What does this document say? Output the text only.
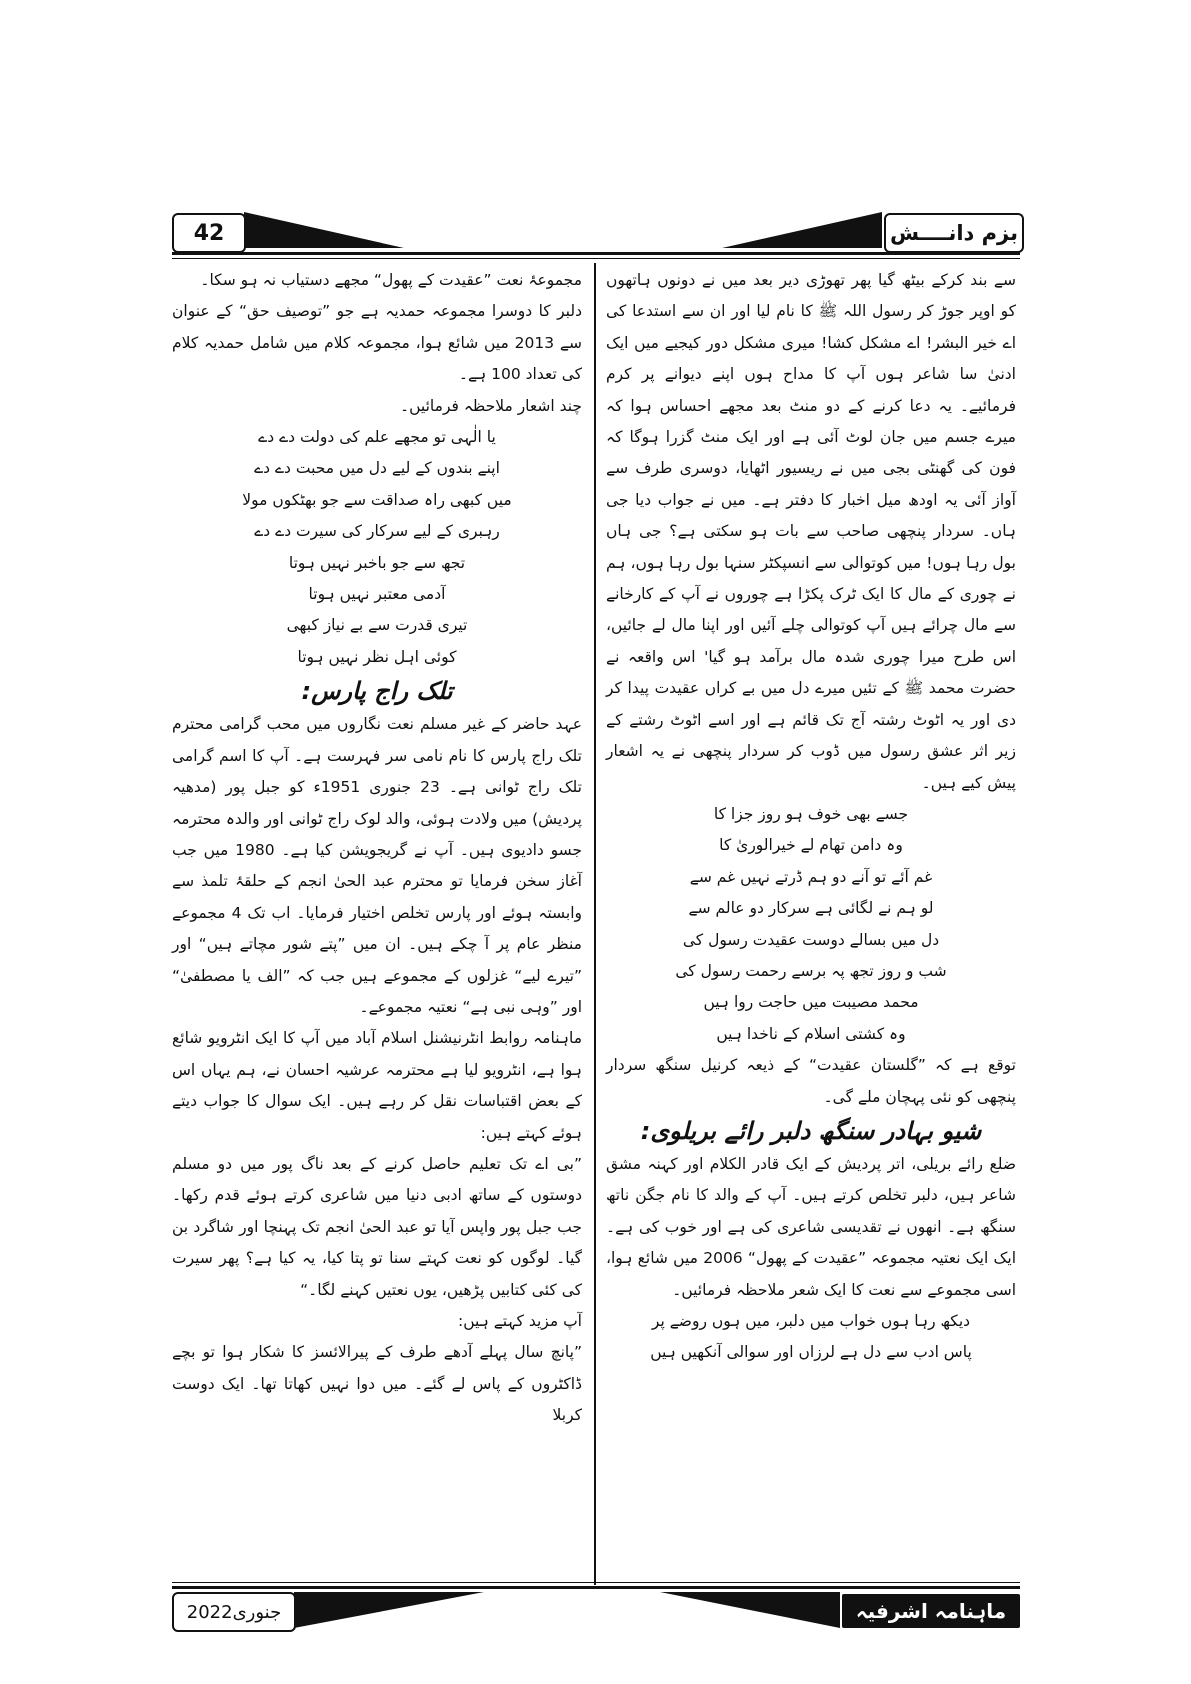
42	بزم دانــــش

سے بند کرکے بیٹھ گیا پھر تھوڑی دیر بعد میں نے دونوں ہاتھوں کو اوپر جوڑ کر رسول اللہ ﷺ کا نام لیا اور ان سے استدعا کی اے خیر البشر! اے مشکل کشا! میری مشکل دور کیجیے میں ایک ادنیٰ سا شاعر ہوں آپ کا مداح ہوں اپنے دیوانے پر کرم فرمائیے۔ یہ دعا کرنے کے دو منٹ بعد مجھے احساس ہوا کہ میرے جسم میں جان لوٹ آئی ہے اور ایک منٹ گزرا ہوگا کہ فون کی گھنٹی بجی میں نے ریسیور اٹھایا، دوسری طرف سے آواز آئی یہ اودھ میل اخبار کا دفتر ہے۔ میں نے جواب دیا جی ہاں۔ سردار پنچھی صاحب سے بات ہو سکتی ہے؟ جی ہاں بول رہا ہوں! میں کوتوالی سے انسپکٹر سنہا بول رہا ہوں، ہم نے چوری کے مال کا ایک ٹرک پکڑا ہے چوروں نے آپ کے کارخانے سے مال چرائے ہیں آپ کوتوالی چلے آئیں اور اپنا مال لے جائیں، اس طرح میرا چوری شدہ مال برآمد ہو گیا' اس واقعہ نے حضرت محمد ﷺ کے تئیں میرے دل میں بے کراں عقیدت پیدا کر دی اور یہ اٹوٹ رشتہ آج تک قائم ہے اور اسے اٹوٹ رشتے کے زیر اثر عشق رسول میں ڈوب کر سردار پنچھی نے یہ اشعار پیش کیے ہیں۔

جسے بھی خوف ہو روز جزا کا

وہ دامن تھام لے خیرالوریٰ کا

غم آئے تو آنے دو ہم ڈرتے نہیں غم سے

لو ہم نے لگائی ہے سرکار دو عالم سے

دل میں بسالے دوست عقیدت رسول کی

شب و روز تجھ پہ برسے رحمت رسول کی

محمد مصیبت میں حاجت روا ہیں

وہ کشتی اسلام کے ناخدا ہیں

توقع ہے کہ ”گلستان عقیدت“ کے ذیعہ کرنیل سنگھ سردار پنچھی کو نئی پہچان ملے گی۔

شیو بہادر سنگھ دلبر رائے بریلوی:

ضلع رائے بریلی، اتر پردیش کے ایک قادر الکلام اور کہنہ مشق شاعر ہیں، دلبر تخلص کرتے ہیں۔ آپ کے والد کا نام جگن ناتھ سنگھ ہے۔ انھوں نے تقدیسی شاعری کی ہے اور خوب کی ہے۔ ایک ایک نعتیہ مجموعہ ”عقیدت کے پھول“ 2006 میں شائع ہوا، اسی مجموعے سے نعت کا ایک شعر ملاحظہ فرمائیں۔

دیکھ رہا ہوں خواب میں دلبر، میں ہوں روضے پر

پاس ادب سے دل ہے لرزاں اور سوالی آنکھیں ہیں

مجموعۂ نعت ”عقیدت کے پھول“ مجھے دستیاب نہ ہو سکا۔

دلبر کا دوسرا مجموعہ حمدیہ ہے جو ”توصیف حق“ کے عنوان سے 2013 میں شائع ہوا، مجموعہ کلام میں شامل حمدیہ کلام کی تعداد 100 ہے۔

چند اشعار ملاحظہ فرمائیں۔

یا الٰہی تو مجھے علم کی دولت دے دے

اپنے بندوں کے لیے دل میں محبت دے دے

میں کبھی راہ صداقت سے جو بھٹکوں مولا

رہبری کے لیے سرکار کی سیرت دے دے

تجھ سے جو باخبر نہیں ہوتا

آدمی معتبر نہیں ہوتا

تیری قدرت سے بے نیاز کبھی

کوئی اہل نظر نہیں ہوتا

تلک راج پارس:

عہد حاضر کے غیر مسلم نعت نگاروں میں محب گرامی محترم تلک راج پارس کا نام نامی سر فہرست ہے۔ آپ کا اسم گرامی تلک راج ٹوانی ہے۔ 23 جنوری 1951ء کو جبل پور (مدھیہ پردیش) میں ولادت ہوئی، والد لوک راج ٹوانی اور والدہ محترمہ جسو دادیوی ہیں۔ آپ نے گریجویشن کیا ہے۔ 1980 میں جب آغاز سخن فرمایا تو محترم عبد الحیٰ انجم کے حلقۂ تلمذ سے وابستہ ہوئے اور پارس تخلص اختیار فرمایا۔ اب تک 4 مجموعے منظر عام پر آ چکے ہیں۔ ان میں ”پتے شور مچاتے ہیں“ اور ”تیرے لیے“ غزلوں کے مجموعے ہیں جب کہ ”الف یا مصطفیٰ“ اور ”وہی نبی ہے“ نعتیہ مجموعے۔

ماہنامہ روابط انٹرنیشنل اسلام آباد میں آپ کا ایک انٹرویو شائع ہوا ہے، انٹرویو لیا ہے محترمہ عرشیہ احسان نے، ہم یہاں اس کے بعض اقتباسات نقل کر رہے ہیں۔ ایک سوال کا جواب دیتے ہوئے کہتے ہیں:

”بی اے تک تعلیم حاصل کرنے کے بعد ناگ پور میں دو مسلم دوستوں کے ساتھ ادبی دنیا میں شاعری کرتے ہوئے قدم رکھا۔ جب جبل پور واپس آیا تو عبد الحیٰ انجم تک پہنچا اور شاگرد بن گیا۔ لوگوں کو نعت کہتے سنا تو پتا کیا، یہ کیا ہے؟ پھر سیرت کی کئی کتابیں پڑھیں، یوں نعتیں کہنے لگا۔“

آپ مزید کہتے ہیں:

”پانچ سال پہلے آدھے طرف کے پیرالائسز کا شکار ہوا تو بچے ڈاکٹروں کے پاس لے گئے۔ میں دوا نہیں کھاتا تھا۔ ایک دوست کربلا

جنوری2022	ماہنامہ اشرفیہ
